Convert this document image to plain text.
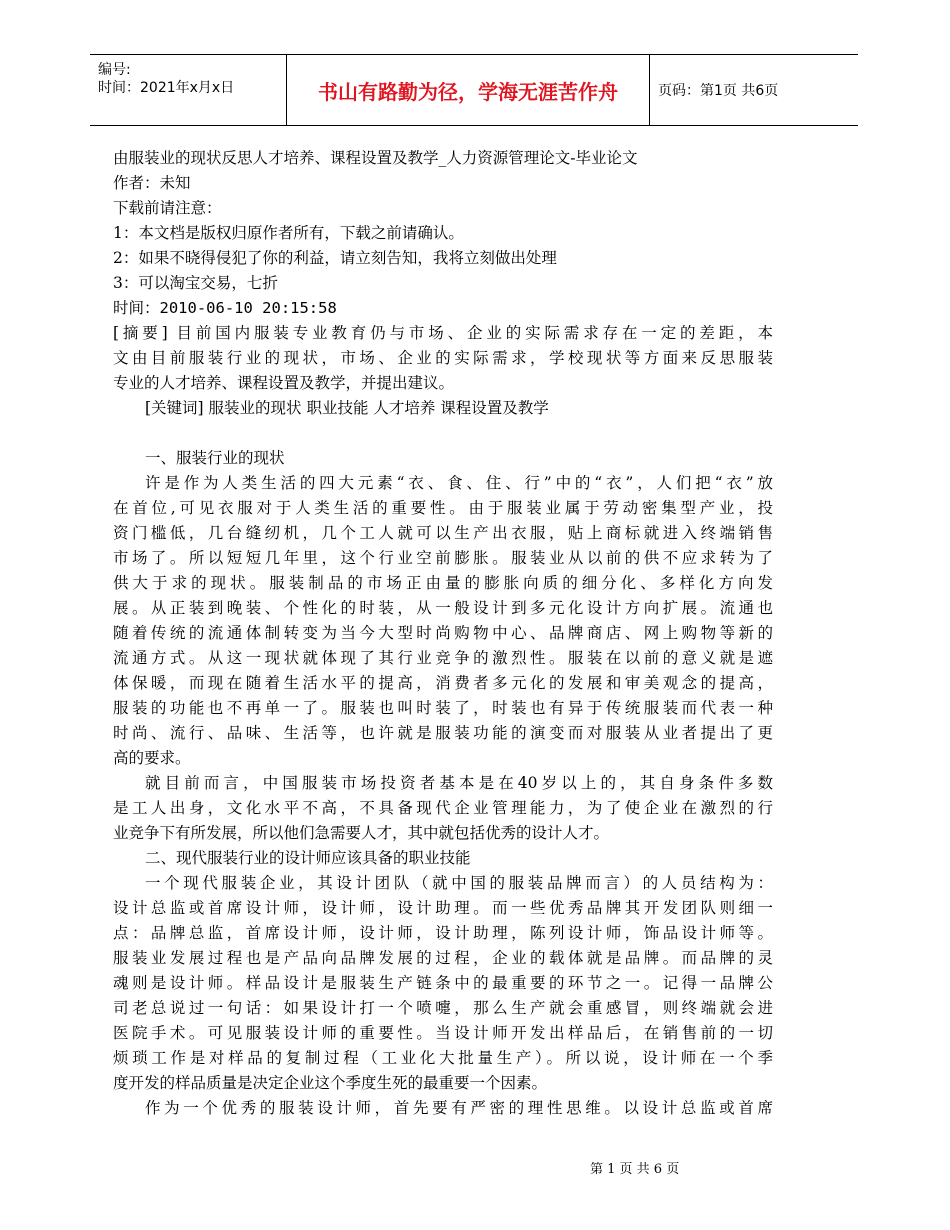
编号:
时间：2021年x月x日	书山有路勤为径，学海无涯苦作舟	页码：第1页 共6页
由服装业的现状反思人才培养、课程设置及教学_人力资源管理论文-毕业论文
作者：未知
下载前请注意：
1：本文档是版权归原作者所有，下载之前请确认。
2：如果不晓得侵犯了你的利益，请立刻告知，我将立刻做出处理
3：可以淘宝交易，七折
时间：2010-06-10 20:15:58
[摘要] 目前国内服装专业教育仍与市场、企业的实际需求存在一定的差距，本
文由目前服装行业的现状，市场、企业的实际需求，学校现状等方面来反思服装
专业的人才培养、课程设置及教学，并提出建议。
[关键词] 服装业的现状 职业技能 人才培养 课程设置及教学
一、服装行业的现状
许是作为人类生活的四大元素“衣、食、住、行”中的“衣”，人们把“衣”放
在首位,可见衣服对于人类生活的重要性。由于服装业属于劳动密集型产业，投
资门槛低，几台缝纫机，几个工人就可以生产出衣服，贴上商标就进入终端销售
市场了。所以短短几年里，这个行业空前膨胀。服装业从以前的供不应求转为了
供大于求的现状。服装制品的市场正由量的膨胀向质的细分化、多样化方向发
展。从正装到晚装、个性化的时装，从一般设计到多元化设计方向扩展。流通也
随着传统的流通体制转变为当今大型时尚购物中心、品牌商店、网上购物等新的
流通方式。从这一现状就体现了其行业竞争的激烈性。服装在以前的意义就是遮
体保暖，而现在随着生活水平的提高，消费者多元化的发展和审美观念的提高，
服装的功能也不再单一了。服装也叫时装了，时装也有异于传统服装而代表一种
时尚、流行、品味、生活等，也许就是服装功能的演变而对服装从业者提出了更
高的要求。
就目前而言，中国服装市场投资者基本是在40岁以上的，其自身条件多数
是工人出身，文化水平不高，不具备现代企业管理能力，为了使企业在激烈的行
业竞争下有所发展，所以他们急需要人才，其中就包括优秀的设计人才。
二、现代服装行业的设计师应该具备的职业技能
一个现代服装企业，其设计团队（就中国的服装品牌而言）的人员结构为：
设计总监或首席设计师，设计师，设计助理。而一些优秀品牌其开发团队则细一
点：品牌总监，首席设计师，设计师，设计助理，陈列设计师，饰品设计师等。
服装业发展过程也是产品向品牌发展的过程，企业的载体就是品牌。而品牌的灵
魂则是设计师。样品设计是服装生产链条中的最重要的环节之一。记得一品牌公
司老总说过一句话：如果设计打一个喷嚏，那么生产就会重感冒，则终端就会进
医院手术。可见服装设计师的重要性。当设计师开发出样品后，在销售前的一切
烦琐工作是对样品的复制过程（工业化大批量生产）。所以说，设计师在一个季
度开发的样品质量是决定企业这个季度生死的最重要一个因素。
作为一个优秀的服装设计师，首先要有严密的理性思维。以设计总监或首席
第 1 页 共 6 页
